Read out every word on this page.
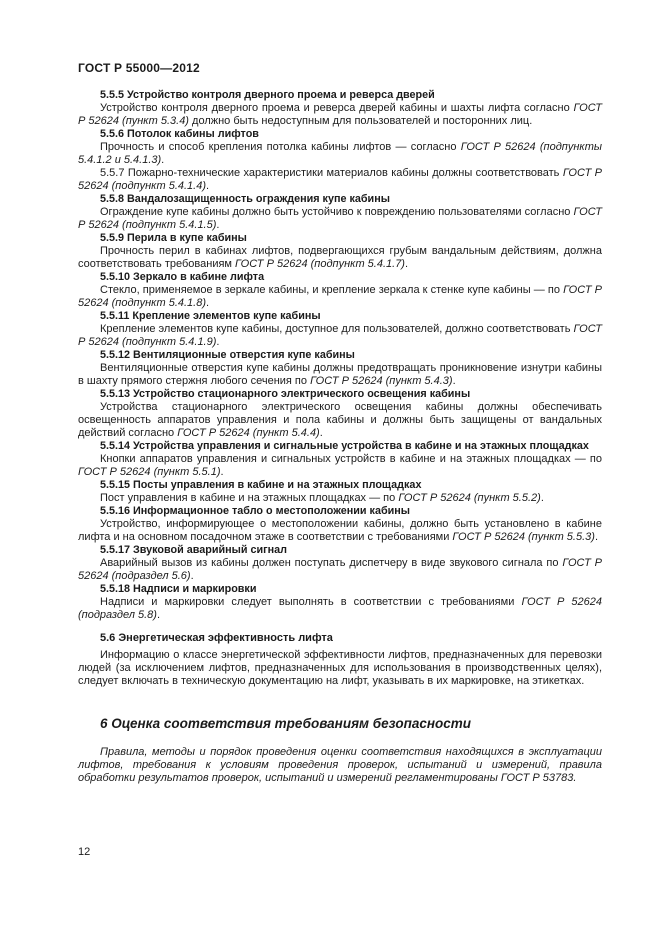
ГОСТ Р 55000—2012

5.5.5 Устройство контроля дверного проема и реверса дверей

Устройство контроля дверного проема и реверса дверей кабины и шахты лифта согласно ГОСТ Р 52624 (пункт 5.3.4) должно быть недоступным для пользователей и посторонних лиц.

5.5.6 Потолок кабины лифтов

Прочность и способ крепления потолка кабины лифтов — согласно ГОСТ Р 52624 (подпункты 5.4.1.2 и 5.4.1.3).

5.5.7 Пожарно-технические характеристики материалов кабины должны соответствовать ГОСТ Р 52624 (подпункт 5.4.1.4).

5.5.8 Вандалозащищенность ограждения купе кабины

Ограждение купе кабины должно быть устойчиво к повреждению пользователями согласно ГОСТ Р 52624 (подпункт 5.4.1.5).

5.5.9 Перила в купе кабины

Прочность перил в кабинах лифтов, подвергающихся грубым вандальным действиям, должна соответствовать требованиям ГОСТ Р 52624 (подпункт 5.4.1.7).

5.5.10 Зеркало в кабине лифта

Стекло, применяемое в зеркале кабины, и крепление зеркала к стенке купе кабины — по ГОСТ Р 52624 (подпункт 5.4.1.8).

5.5.11 Крепление элементов купе кабины

Крепление элементов купе кабины, доступное для пользователей, должно соответствовать ГОСТ Р 52624 (подпункт 5.4.1.9).

5.5.12 Вентиляционные отверстия купе кабины

Вентиляционные отверстия купе кабины должны предотвращать проникновение изнутри кабины в шахту прямого стержня любого сечения по ГОСТ Р 52624 (пункт 5.4.3).

5.5.13 Устройство стационарного электрического освещения кабины

Устройства стационарного электрического освещения кабины должны обеспечивать освещенность аппаратов управления и пола кабины и должны быть защищены от вандальных действий согласно ГОСТ Р 52624 (пункт 5.4.4).

5.5.14 Устройства управления и сигнальные устройства в кабине и на этажных площадках

Кнопки аппаратов управления и сигнальных устройств в кабине и на этажных площадках — по ГОСТ Р 52624 (пункт 5.5.1).

5.5.15 Посты управления в кабине и на этажных площадках

Пост управления в кабине и на этажных площадках — по ГОСТ Р 52624 (пункт 5.5.2).

5.5.16 Информационное табло о местоположении кабины

Устройство, информирующее о местоположении кабины, должно быть установлено в кабине лифта и на основном посадочном этаже в соответствии с требованиями ГОСТ Р 52624 (пункт 5.5.3).

5.5.17 Звуковой аварийный сигнал

Аварийный вызов из кабины должен поступать диспетчеру в виде звукового сигнала по ГОСТ Р 52624 (подраздел 5.6).

5.5.18 Надписи и маркировки

Надписи и маркировки следует выполнять в соответствии с требованиями ГОСТ Р 52624 (подраздел 5.8).

5.6 Энергетическая эффективность лифта

Информацию о классе энергетической эффективности лифтов, предназначенных для перевозки людей (за исключением лифтов, предназначенных для использования в производственных целях), следует включать в техническую документацию на лифт, указывать в их маркировке, на этикетках.

6 Оценка соответствия требованиям безопасности

Правила, методы и порядок проведения оценки соответствия находящихся в эксплуатации лифтов, требования к условиям проведения проверок, испытаний и измерений, правила обработки результатов проверок, испытаний и измерений регламентированы ГОСТ Р 53783.

12
